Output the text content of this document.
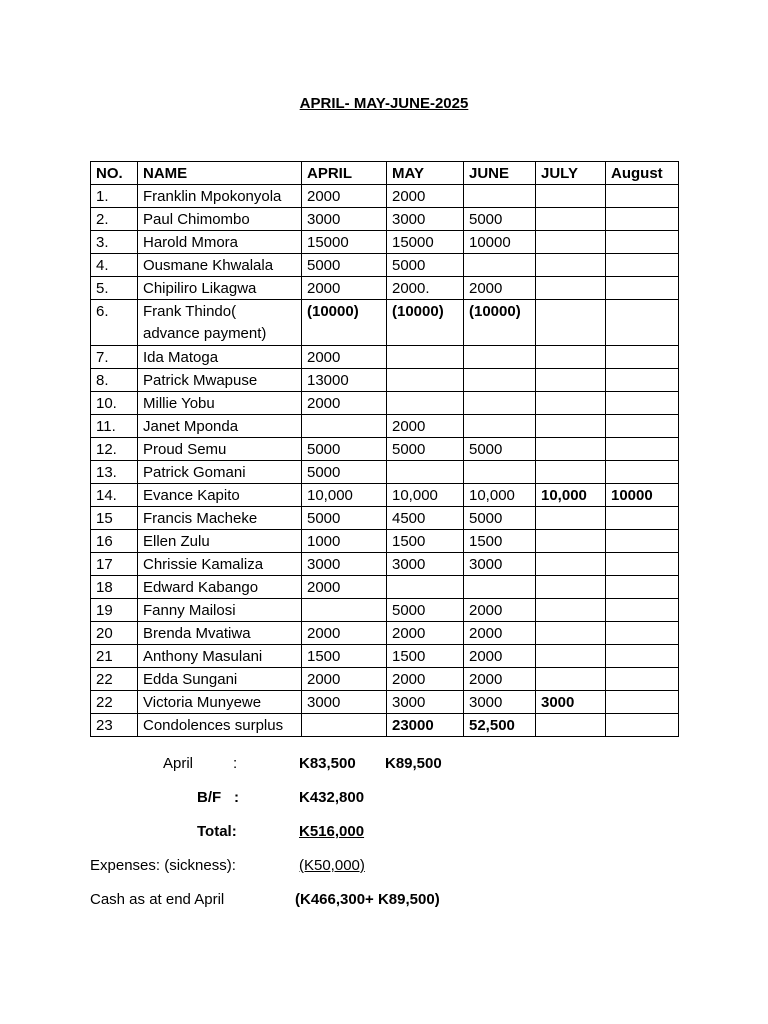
APRIL- MAY-JUNE-2025
NO.	NAME	APRIL	MAY	JUNE	JULY	August
1.	Franklin Mpokonyola	2000	2000			
2.	Paul Chimombo	3000	3000	5000		
3.	Harold Mmora	15000	15000	10000		
4.	Ousmane Khwalala	5000	5000			
5.	Chipiliro Likagwa	2000	2000.	2000		
6.	Frank Thindo( advance payment)	(10000)	(10000)	(10000)		
7.	Ida Matoga	2000				
8.	Patrick Mwapuse	13000				
10.	Millie Yobu	2000				
11.	Janet Mponda		2000			
12.	Proud Semu	5000	5000	5000		
13.	Patrick Gomani	5000				
14.	Evance Kapito	10,000	10,000	10,000	10,000	10000
15	Francis Macheke	5000	4500	5000		
16	Ellen Zulu	1000	1500	1500		
17	Chrissie Kamaliza	3000	3000	3000		
18	Edward Kabango	2000				
19	Fanny Mailosi		5000	2000		
20	Brenda Mvatiwa	2000	2000	2000		
21	Anthony Masulani	1500	1500	2000		
22	Edda Sungani	2000	2000	2000		
22	Victoria Munyewe	3000	3000	3000	3000	
23	Condolences surplus		23000	52,500		
April	:	K83,500 K89,500
B/F :	K432,800
Total:	K516,000
Expenses: (sickness):	(K50,000)
Cash as at end April	(K466,300+ K89,500)
